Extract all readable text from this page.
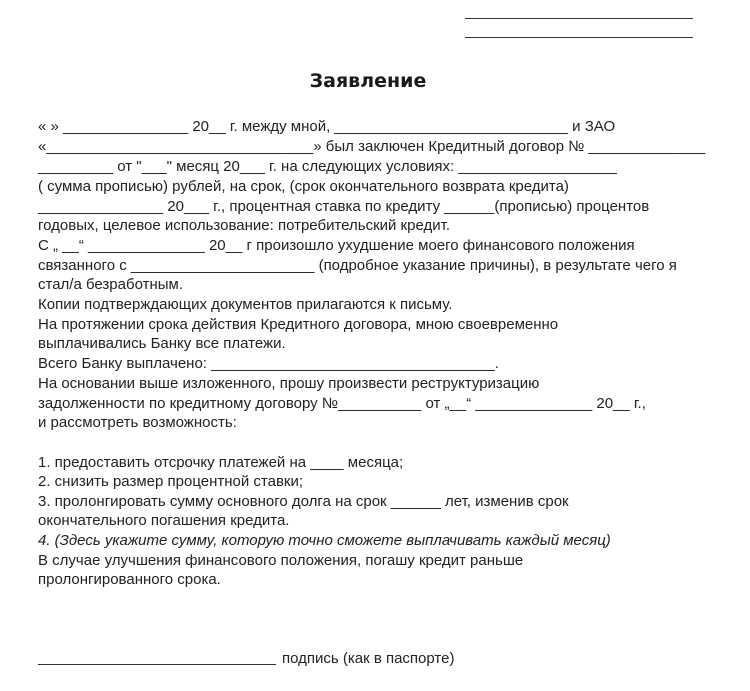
Заявление
« » _______________ 20__ г. между мной, ____________________________ и ЗАО
«________________________________» был заключен Кредитный договор № ______________
_________ от "___" месяц 20___ г. на следующих условиях: ___________________
( сумма прописью) рублей, на срок, (срок окончательного возврата кредита)
_______________ 20___ г., процентная ставка по кредиту ______(прописью) процентов
годовых, целевое использование: потребительский кредит.
С „ __“ ______________ 20__ г произошло ухудшение моего финансового положения
связанного с ______________________ (подробное указание причины), в результате чего я
стал/а безработным.
Копии подтверждающих документов прилагаются к письму.
На протяжении срока действия Кредитного договора, мною своевременно
выплачивались Банку все платежи.
Всего Банку выплачено: __________________________________.
На основании выше изложенного, прошу произвести реструктуризацию
задолженности по кредитному договору №__________ от „__“ ______________ 20__ г.,
и рассмотреть возможность:
1. предоставить отсрочку платежей на ____ месяца;
2. снизить размер процентной ставки;
3. пролонгировать сумму основного долга на срок ______ лет, изменив срок
окончательного погашения кредита.
4. (Здесь укажите сумму, которую точно сможете выплачивать каждый месяц)
В случае улучшения финансового положения, погашу кредит раньше
пролонгированного срока.
подпись (как в паспорте)
